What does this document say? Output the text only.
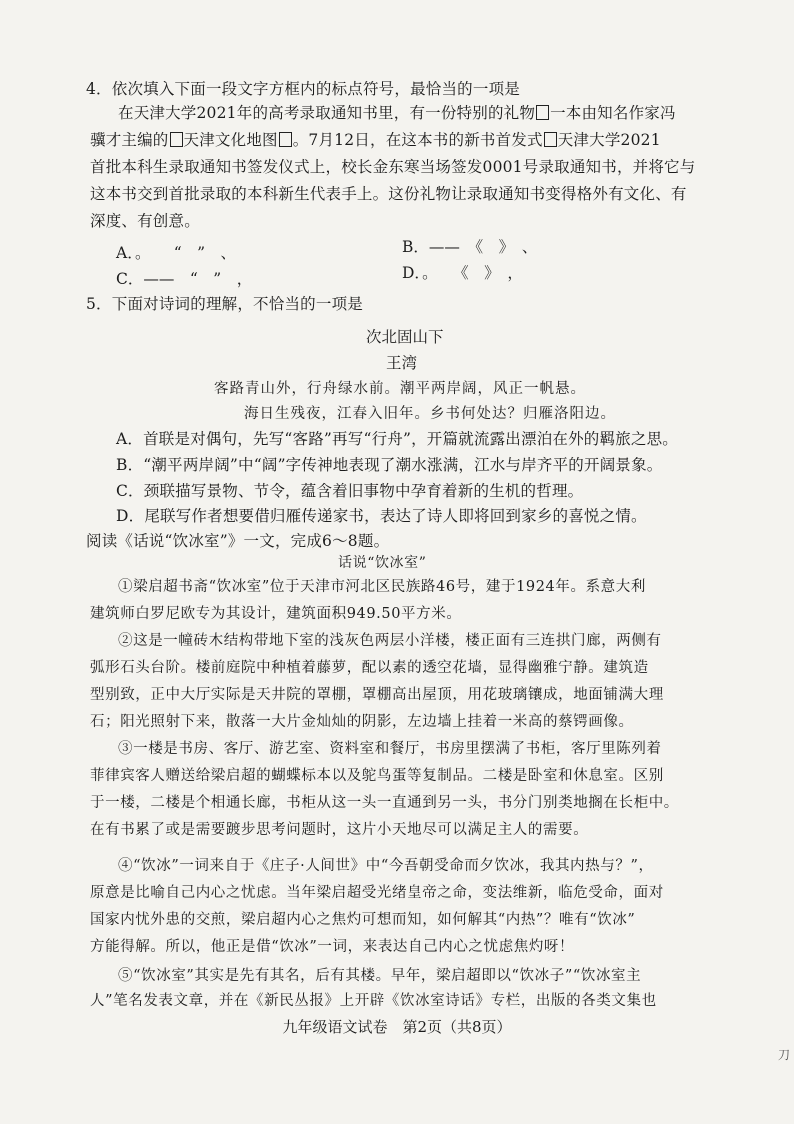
4．依次填入下面一段文字方框内的标点符号，最恰当的一项是
在天津大学2021年的高考录取通知书里，有一份特别的礼物 一本由知名作家冯
骥才主编的 天津文化地图 。7月12日，在这本书的新书首发式 天津大学2021
首批本科生录取通知书签发仪式上，校长金东寒当场签发0001号录取通知书，并将它与
这本书交到首批录取的本科新生代表手上。这份礼物让录取通知书变得格外有文化、有
深度、有创意。
A．。　　“　”　、	B．——　《　》　、
C．——　“　”　，	D．。　　《　》　，
5．下面对诗词的理解，不恰当的一项是
次北固山下
王湾
客路青山外，行舟绿水前。潮平两岸阔，风正一帆悬。
海日生残夜，江春入旧年。乡书何处达？归雁洛阳边。
A．首联是对偶句，先写“客路”再写“行舟”，开篇就流露出漂泊在外的羁旅之思。
B．“潮平两岸阔”中“阔”字传神地表现了潮水涨满，江水与岸齐平的开阔景象。
C．颈联描写景物、节令，蕴含着旧事物中孕育着新的生机的哲理。
D．尾联写作者想要借归雁传递家书，表达了诗人即将回到家乡的喜悦之情。
阅读《话说“饮冰室”》一文，完成6～8题。
话说“饮冰室”
①梁启超书斋“饮冰室”位于天津市河北区民族路46号，建于1924年。系意大利
建筑师白罗尼欧专为其设计，建筑面积949.50平方米。
②这是一幢砖木结构带地下室的浅灰色两层小洋楼，楼正面有三连拱门廊，两侧有
弧形石头台阶。楼前庭院中种植着藤萝，配以素的透空花墙，显得幽雅宁静。建筑造
型别致，正中大厅实际是天井院的罩棚，罩棚高出屋顶，用花玻璃镶成，地面铺满大理
石；阳光照射下来，散落一大片金灿灿的阴影，左边墙上挂着一米高的蔡锷画像。
③一楼是书房、客厅、游艺室、资料室和餐厅，书房里摆满了书柜，客厅里陈列着
菲律宾客人赠送给梁启超的蝴蝶标本以及鸵鸟蛋等复制品。二楼是卧室和休息室。区别
于一楼，二楼是个相通长廊，书柜从这一头一直通到另一头，书分门别类地搁在长柜中。
在有书累了或是需要踱步思考问题时，这片小天地尽可以满足主人的需要。
④“饮冰”一词来自于《庄子·人间世》中“今吾朝受命而夕饮冰，我其内热与？”，
原意是比喻自己内心之忧虑。当年梁启超受光绪皇帝之命，变法维新，临危受命，面对
国家内忧外患的交煎，梁启超内心之焦灼可想而知，如何解其“内热”？唯有“饮冰”
方能得解。所以，他正是借“饮冰”一词，来表达自己内心之忧虑焦灼呀！
⑤“饮冰室”其实是先有其名，后有其楼。早年，梁启超即以“饮冰子”“饮冰室主
人”笔名发表文章，并在《新民丛报》上开辟《饮冰室诗话》专栏，出版的各类文集也
九年级语文试卷　第2页（共8页）
刀
